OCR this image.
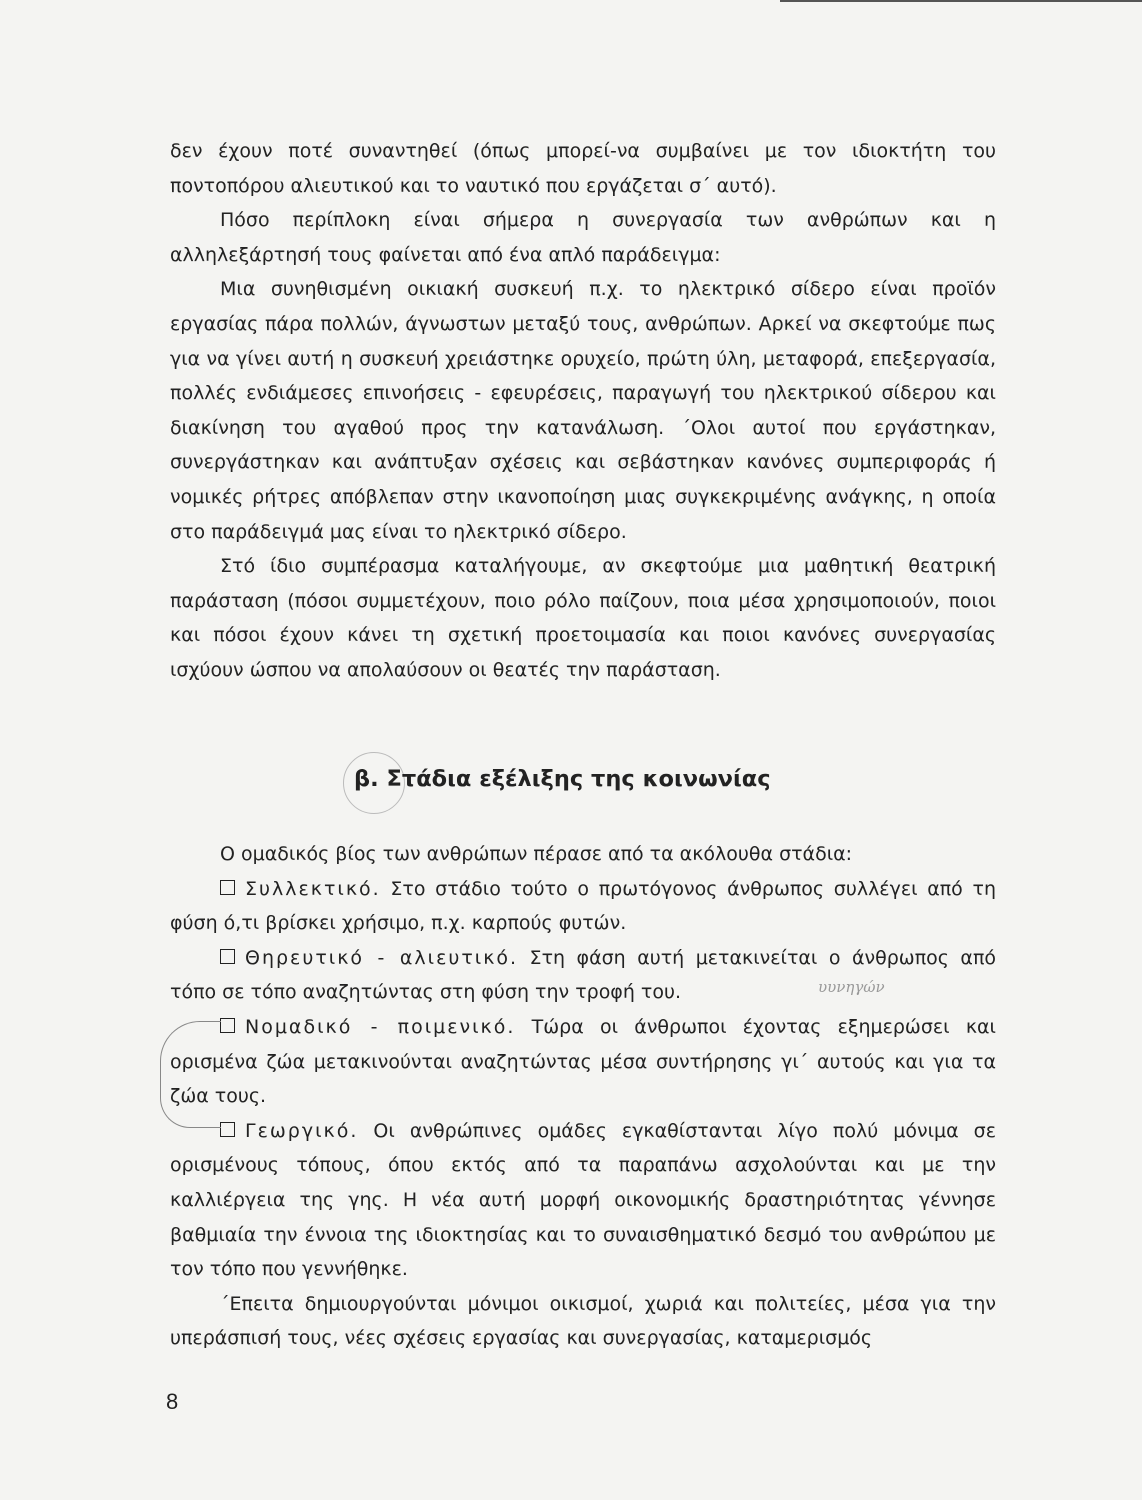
δεν έχουν ποτέ συναντηθεί (όπως μπορεί-να συμβαίνει με τον ιδιοκτήτη του ποντοπόρου αλιευτικού και το ναυτικό που εργάζεται σ΄ αυτό).

Πόσο περίπλοκη είναι σήμερα η συνεργασία των ανθρώπων και η αλληλεξάρτησή τους φαίνεται από ένα απλό παράδειγμα:

Μια συνηθισμένη οικιακή συσκευή π.χ. το ηλεκτρικό σίδερο είναι προϊόν εργασίας πάρα πολλών, άγνωστων μεταξύ τους, ανθρώπων. Αρκεί να σκεφτούμε πως για να γίνει αυτή η συσκευή χρειάστηκε ορυχείο, πρώτη ύλη, μεταφορά, επεξεργασία, πολλές ενδιάμεσες επινοήσεις - εφευρέσεις, παραγωγή του ηλεκτρικού σίδερου και διακίνηση του αγαθού προς την κατανάλωση. ΄Ολοι αυτοί που εργάστηκαν, συνεργάστηκαν και ανάπτυξαν σχέσεις και σεβάστηκαν κανόνες συμπεριφοράς ή νομικές ρήτρες απόβλεπαν στην ικανοποίηση μιας συγκεκριμένης ανάγκης, η οποία στο παράδειγμά μας είναι το ηλεκτρικό σίδερο.

Στό ίδιο συμπέρασμα καταλήγουμε, αν σκεφτούμε μια μαθητική θεατρική παράσταση (πόσοι συμμετέχουν, ποιο ρόλο παίζουν, ποια μέσα χρησιμοποιούν, ποιοι και πόσοι έχουν κάνει τη σχετική προετοιμασία και ποιοι κανόνες συνεργασίας ισχύουν ώσπου να απολαύσουν οι θεατές την παράσταση.

β. Στάδια εξέλιξης της κοινωνίας

Ο ομαδικός βίος των ανθρώπων πέρασε από τα ακόλουθα στάδια:

Συλλεκτικό. Στο στάδιο τούτο ο πρωτόγονος άνθρωπος συλλέγει από τη φύση ό,τι βρίσκει χρήσιμο, π.χ. καρπούς φυτών.

Θηρευτικό - αλιευτικό. Στη φάση αυτή μετακινείται ο άνθρωπος από τόπο σε τόπο αναζητώντας στη φύση την τροφή του.

Νομαδικό - ποιμενικό. Τώρα οι άνθρωποι έχοντας εξημερώσει και ορισμένα ζώα μετακινούνται αναζητώντας μέσα συντήρησης γι΄ αυτούς και για τα ζώα τους.

Γεωργικό. Οι ανθρώπινες ομάδες εγκαθίστανται λίγο πολύ μόνιμα σε ορισμένους τόπους, όπου εκτός από τα παραπάνω ασχολούνται και με την καλλιέργεια της γης. Η νέα αυτή μορφή οικονομικής δραστηριότητας γέννησε βαθμιαία την έννοια της ιδιοκτησίας και το συναισθηματικό δεσμό του ανθρώπου με τον τόπο που γεννήθηκε.

΄Επειτα δημιουργούνται μόνιμοι οικισμοί, χωριά και πολιτείες, μέσα για την υπεράσπισή τους, νέες σχέσεις εργασίας και συνεργασίας, καταμερισμός

υυνηγών
8
